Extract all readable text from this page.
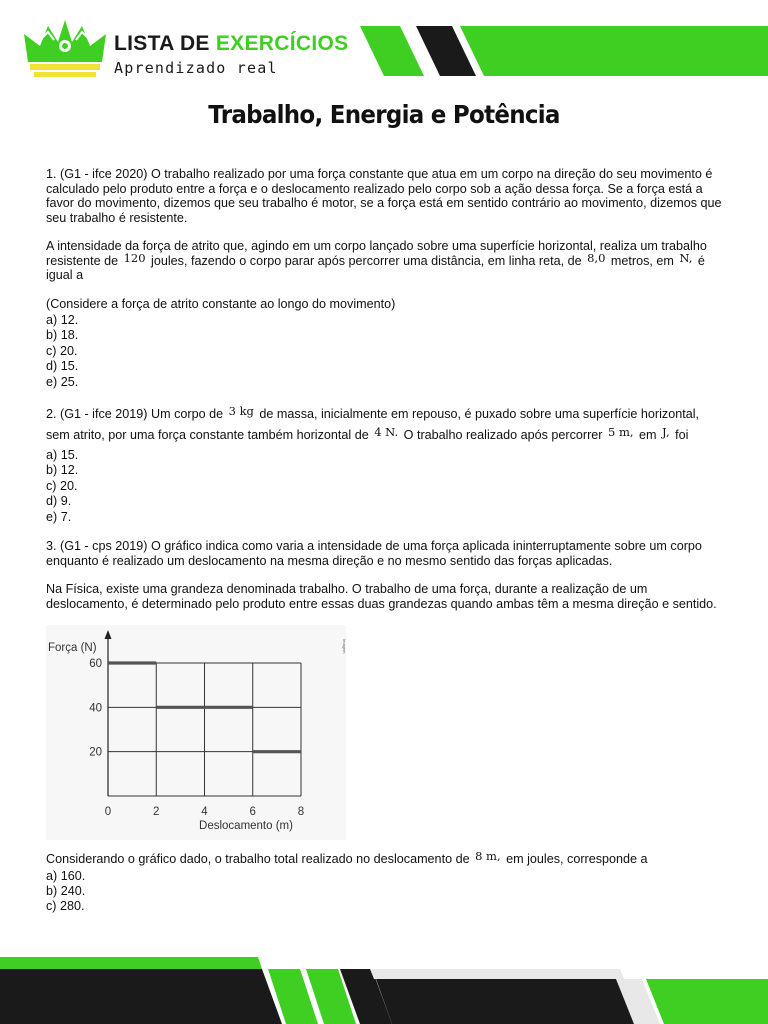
LISTA DE EXERCÍCIOS
Aprendizado real
Trabalho, Energia e Potência

1. (G1 - ifce 2020) O trabalho realizado por uma força constante que atua em um corpo na direção do seu movimento é calculado pelo produto entre a força e o deslocamento realizado pelo corpo sob a ação dessa força. Se a força está a favor do movimento, dizemos que seu trabalho é motor, se a força está em sentido contrário ao movimento, dizemos que seu trabalho é resistente.

A intensidade da força de atrito que, agindo em um corpo lançado sobre uma superfície horizontal, realiza um trabalho resistente de 120 joules, fazendo o corpo parar após percorrer uma distância, em linha reta, de 8,0 metros, em N, é igual a

(Considere a força de atrito constante ao longo do movimento)

a) 12.
b) 18.
c) 20.
d) 15.
e) 25.

2. (G1 - ifce 2019) Um corpo de 3 kg de massa, inicialmente em repouso, é puxado sobre uma superfície horizontal, sem atrito, por uma força constante também horizontal de 4 N. O trabalho realizado após percorrer 5 m, em J, foi

a) 15.
b) 12.
c) 20.
d) 9.
e) 7.

3. (G1 - cps 2019) O gráfico indica como varia a intensidade de uma força aplicada ininterruptamente sobre um corpo enquanto é realizado um deslocamento na mesma direção e no mesmo sentido das forças aplicadas.

Na Física, existe uma grandeza denominada trabalho. O trabalho de uma força, durante a realização de um deslocamento, é determinado pelo produto entre essas duas grandezas quando ambas têm a mesma direção e sentido.

0	2	4	6	8
20
40
60
Força (N)
Deslocamento (m)
Imagem

Considerando o gráfico dado, o trabalho total realizado no deslocamento de 8 m, em joules, corresponde a

a) 160.
b) 240.
c) 280.
